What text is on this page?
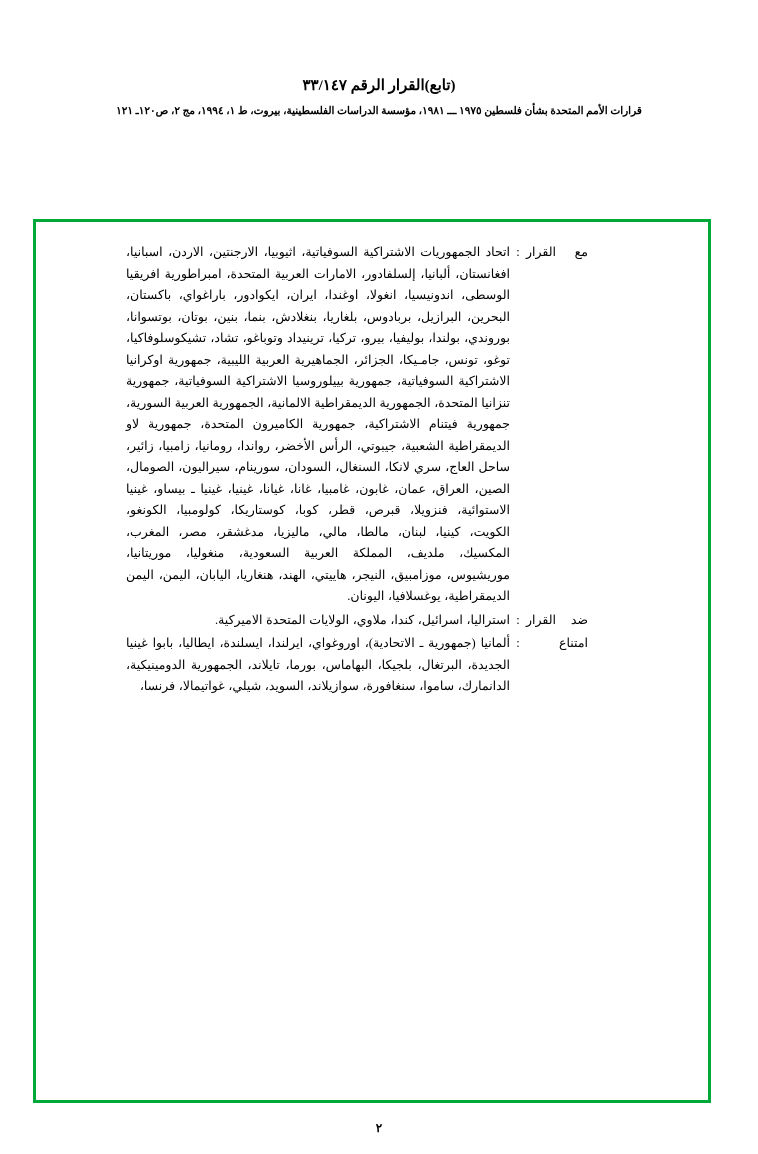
(تابع)القرار الرقم ٣٣/١٤٧
قرارات الأمم المتحدة بشأن فلسطين ١٩٧٥ ـــ ١٩٨١، مؤسسة الدراسات الفلسطينية، بيروت، ط ١، ١٩٩٤، مج ٢، ص١٢٠ـ ١٢١
مع القرار
:
اتحاد الجمهوريات الاشتراكية السوفياتية، اثيوبيا، الارجنتين، الاردن، اسبانيا، افغانستان، ألبانيا، إلسلفادور، الامارات العربية المتحدة، امبراطورية افريقيا الوسطى، اندونيسيا، انغولا، اوغندا، ايران، ايكوادور، باراغواي، باكستان، البحرين، البرازيل، بربادوس، بلغاريا، بنغلادش، بنما، بنين، بوتان، بوتسوانا، بوروندي، بولندا، بوليفيا، بيرو، تركيا، ترينيداد وتوباغو، تشاد، تشيكوسلوفاكيا، توغو، تونس، جامـيكا، الجزائر، الجماهيرية العربية الليبية، جمهورية اوكرانيا الاشتراكية السوفياتية، جمهورية بييلوروسيا الاشتراكية السوفياتية، جمهورية تنزانيا المتحدة، الجمهورية الديمقراطية الالمانية، الجمهورية العربية السورية، جمهورية فيتنام الاشتراكية، جمهورية الكاميرون المتحدة، جمهورية لاو الديمقراطية الشعبية، جيبوتي، الرأس الأخضر، رواندا، رومانيا، زامبيا، زائير، ساحل العاج، سري لانكا، السنغال، السودان، سورينام، سيراليون، الصومال، الصين، العراق، عمان، غابون، غامبيا، غانا، غيانا، غينيا، غينيا ـ بيساو، غينيا الاستوائية، فنزويلا، قبرص، قطر، كوبا، كوستاريكا، كولومبيا، الكونغو، الكويت، كينيا، لبنان، مالطا، مالي، ماليزيا، مدغشقر، مصر، المغرب، المكسيك، ملديف، المملكة العربية السعودية، منغوليا، موريتانيا، موريشيوس، موزامبيق، النيجر، هاييتي، الهند، هنغاريا، اليابان، اليمن، اليمن الديمقراطية، يوغسلافيا، اليونان.
ضد القرار
:
استراليا، اسرائيل، كندا، ملاوي، الولايات المتحدة الاميركية.
امتناع
:
ألمانيا (جمهورية ـ الاتحادية)، اوروغواي، ايرلندا، ايسلندة، ايطاليا، بابوا غينيا الجديدة، البرتغال، بلجيكا، البهاماس، بورما، تايلاند، الجمهورية الدومينيكية، الدانمارك، ساموا، سنغافورة، سوازيلاند، السويد، شيلي، غواتيمالا، فرنسا،
٢
